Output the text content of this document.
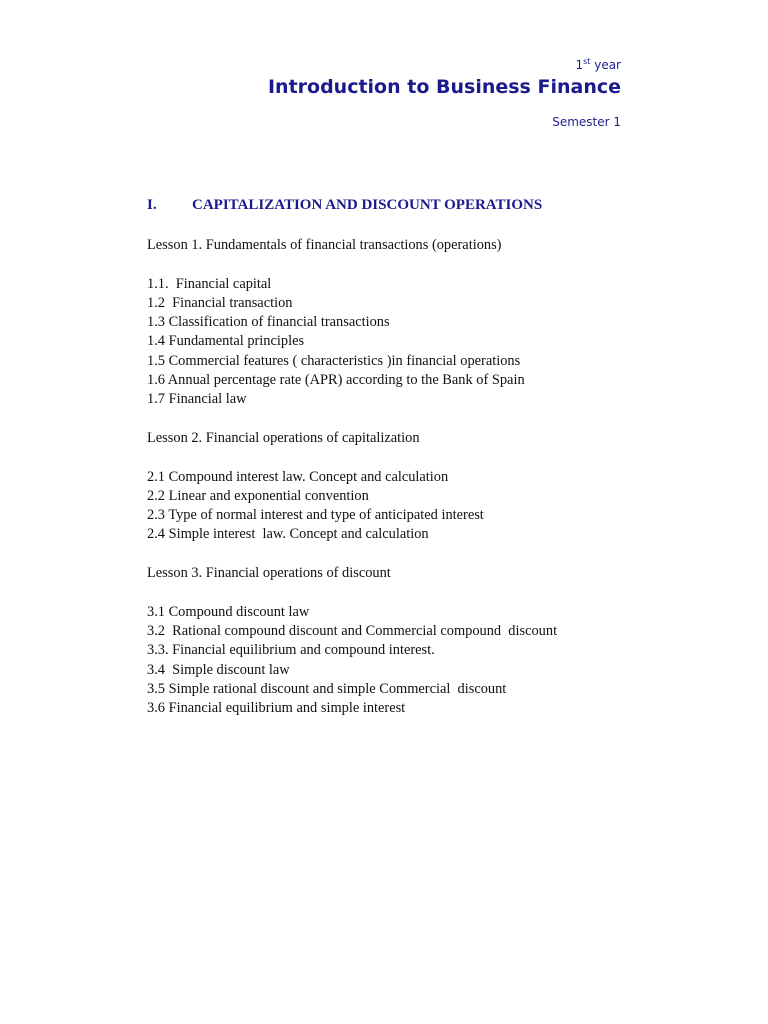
1st year
Introduction to Business Finance
Semester 1
I. CAPITALIZATION AND DISCOUNT OPERATIONS
Lesson 1. Fundamentals of financial transactions (operations)
1.1.  Financial capital
1.2  Financial transaction
1.3 Classification of financial transactions
1.4 Fundamental principles
1.5 Commercial features ( characteristics )in financial operations
1.6 Annual percentage rate (APR) according to the Bank of Spain
1.7 Financial law
Lesson 2. Financial operations of capitalization
2.1 Compound interest law. Concept and calculation
2.2 Linear and exponential convention
2.3 Type of normal interest and type of anticipated interest
2.4 Simple interest  law. Concept and calculation
Lesson 3. Financial operations of discount
3.1 Compound discount law
3.2  Rational compound discount and Commercial compound  discount
3.3. Financial equilibrium and compound interest.
3.4  Simple discount law
3.5 Simple rational discount and simple Commercial  discount
3.6 Financial equilibrium and simple interest
